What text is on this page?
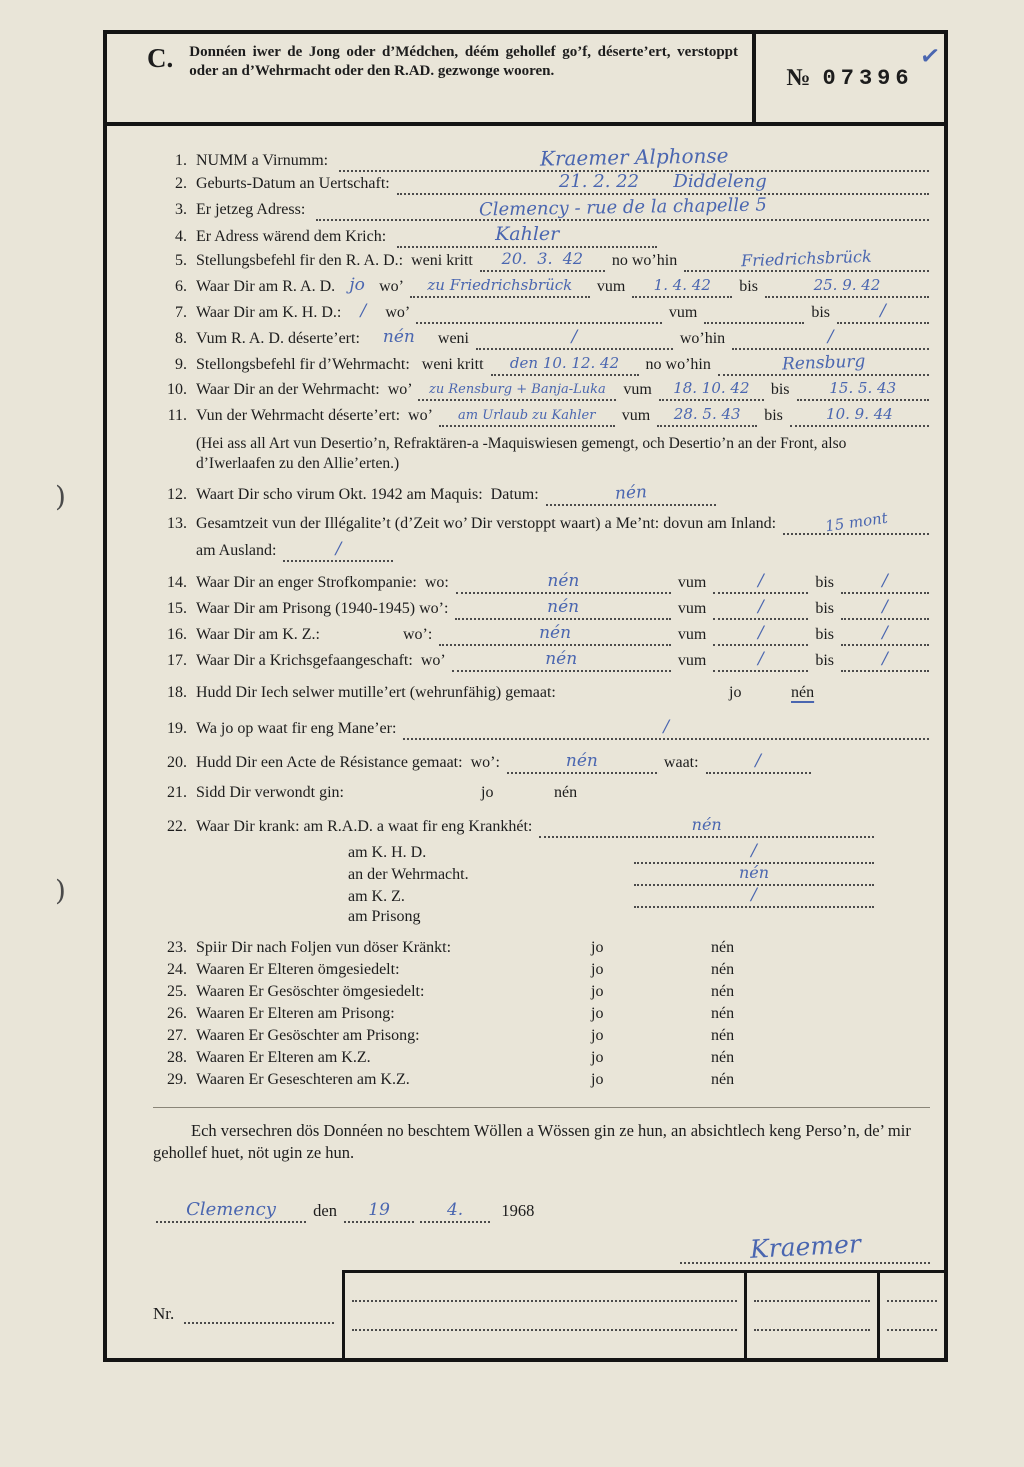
)
)
C. Donnéen iwer de Jong oder d’Médchen, déém gehollef go’f, déserte’ert, verstoppt oder an d’Wehrmacht oder den R.AD. gezwonge wooren.	№ 07396
✓
1. NUMM a Virnumm:	Kraemer Alphonse
2. Geburts-Datum an Uertschaft:	21. 2. 22      Diddeleng
3. Er jetzeg Adress:	Clemency - rue de la chapelle 5
4. Er Adress wärend dem Krich:	Kahler
5. Stellungsbefehl fir den R. A. D.:  weni kritt	20.  3.  42	no wo’hin	Friedrichsbrück
6. Waar Dir am R. A. D. jo wo’	zu Friedrichsbrück	vum	1. 4. 42	bis	25. 9. 42
7. Waar Dir am K. H. D.: / wo’	vum	bis	/
8. Vum R. A. D. déserte’ert:	nén	weni	/	wo’hin	/
9. Stellongsbefehl fir d’Wehrmacht:   weni kritt	den 10. 12. 42	no wo’hin	Rensburg
10. Waar Dir an der Wehrmacht:  wo’	zu Rensburg + Banja-Luka vum	18. 10. 42	bis	15. 5. 43
11. Vun der Wehrmacht déserte’ert:  wo’	am Urlaub zu Kahler	vum	28. 5. 43	bis	10. 9. 44
(Hei ass all Art vun Desertio’n, Refraktären-a -Maquiswiesen gemengt, och Desertio’n an der Front, also d’Iwerlaafen zu den Allie’erten.)
12. Waart Dir scho virum Okt. 1942 am Maquis:  Datum:	nén
13. Gesamtzeit vun der Illégalite’t (d’Zeit wo’ Dir verstoppt waart) a Me’nt: dovun am Inland:	15 mont
am Ausland:	/
14. Waar Dir an enger Strofkompanie:  wo:	nén	vum	/	bis	/
15. Waar Dir am Prisong (1940-1945) wo’:	nén	vum	/	bis	/
16. Waar Dir am K. Z.:	wo’:	nén	vum	/	bis	/
17. Waar Dir a Krichsgefaangeschaft:  wo’	nén	vum	/	bis	/
18. Hudd Dir Iech selwer mutille’ert (wehrunfähig) gemaat:	jo	nén
19. Wa jo op waat fir eng Mane’er:	/
20. Hudd Dir een Acte de Résistance gemaat:  wo’:	nén	waat:	/
21. Sidd Dir verwondt gin:	jo	nén
22. Waar Dir krank: am R.A.D. a waat fir eng Krankhét:	nén
am K. H. D.	/
an der Wehrmacht.	nén
am K. Z.	/
am Prisong
23. Spiir Dir nach Foljen vun döser Kränkt:	jo	nén
24. Waaren Er Elteren ömgesiedelt:	jo	nén
25. Waaren Er Gesöschter ömgesiedelt:	jo	nén
26. Waaren Er Elteren am Prisong:	jo	nén
27. Waaren Er Gesöschter am Prisong:	jo	nén
28. Waaren Er Elteren am K.Z.	jo	nén
29. Waaren Er Geseschteren am K.Z.	jo	nén
Ech versechren dös Donnéen no beschtem Wöllen a Wössen gin ze hun, an absichtlech keng Perso’n, de’ mir gehollef huet, nöt ugin ze hun.
Clemency	den	19	4.	1968
Kraemer
Nr.
